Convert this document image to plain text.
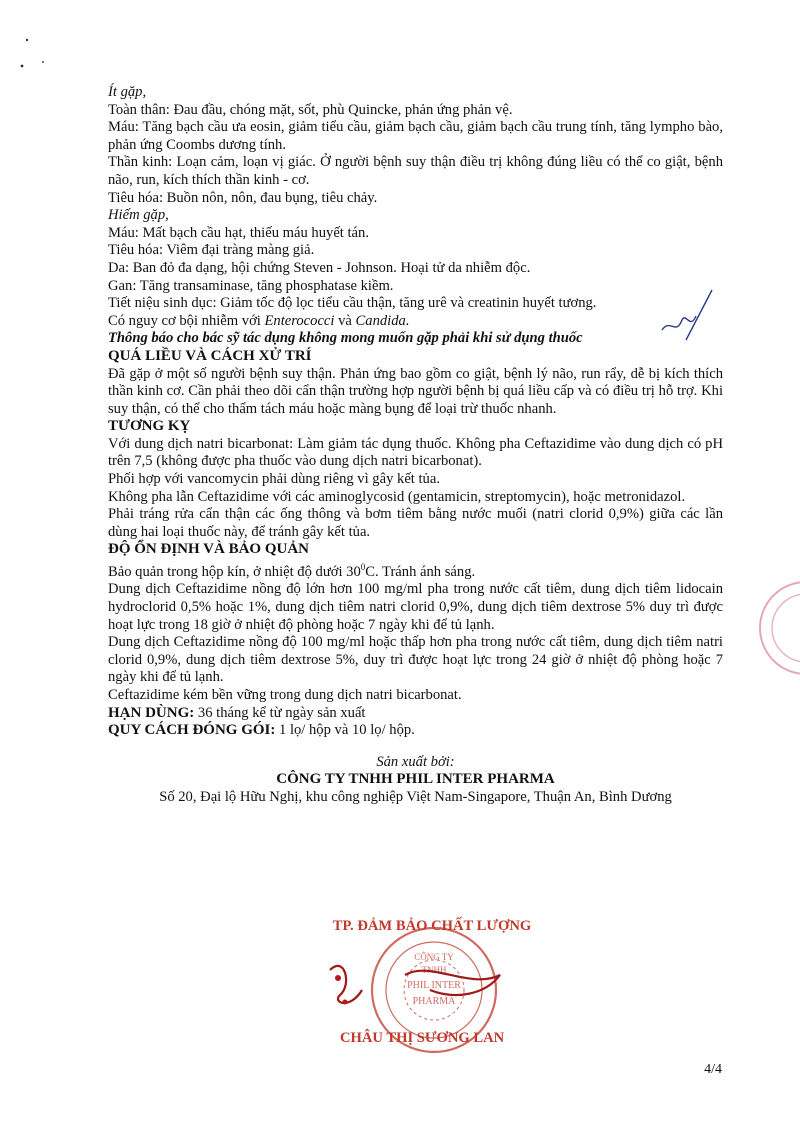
CÔNG TY
TNHH
PHIL INTER
PHARMA

Ít gặp,

Toàn thân: Đau đầu, chóng mặt, sốt, phù Quincke, phản ứng phản vệ.

Máu: Tăng bạch cầu ưa eosin, giảm tiểu cầu, giảm bạch cầu, giảm bạch cầu trung tính, tăng lympho bào, phản ứng Coombs dương tính.

Thần kinh: Loạn cảm, loạn vị giác. Ở người bệnh suy thận điều trị không đúng liều có thể co giật, bệnh não, run, kích thích thần kinh - cơ.

Tiêu hóa: Buồn nôn, nôn, đau bụng, tiêu chảy.

Hiếm gặp,

Máu: Mất bạch cầu hạt, thiếu máu huyết tán.

Tiêu hóa: Viêm đại tràng màng giả.

Da: Ban đỏ đa dạng, hội chứng Steven - Johnson. Hoại tử da nhiễm độc.

Gan: Tăng transaminase, tăng phosphatase kiềm.

Tiết niệu sinh dục: Giảm tốc độ lọc tiểu cầu thận, tăng urê và creatinin huyết tương.

Có nguy cơ bội nhiễm với Enterococci và Candida.

Thông báo cho bác sỹ tác dụng không mong muốn gặp phải khi sử dụng thuốc

QUÁ LIỀU VÀ CÁCH XỬ TRÍ

Đã gặp ở một số người bệnh suy thận. Phản ứng bao gồm co giật, bệnh lý não, run rẩy, dễ bị kích thích thần kinh cơ. Cần phải theo dõi cẩn thận trường hợp người bệnh bị quá liều cấp và có điều trị hỗ trợ. Khi suy thận, có thể cho thẩm tách máu hoặc màng bụng để loại trừ thuốc nhanh.

TƯƠNG KỴ

Với dung dịch natri bicarbonat: Làm giảm tác dụng thuốc. Không pha Ceftazidime vào dung dịch có pH trên 7,5 (không được pha thuốc vào dung dịch natri bicarbonat).

Phối hợp với vancomycin phải dùng riêng vì gây kết tủa.

Không pha lẫn Ceftazidime với các aminoglycosid (gentamicin, streptomycin), hoặc metronidazol.

Phải tráng rửa cẩn thận các ống thông và bơm tiêm bằng nước muối (natri clorid 0,9%) giữa các lần dùng hai loại thuốc này, để tránh gây kết tủa.

ĐỘ ỔN ĐỊNH VÀ BẢO QUẢN

Bảo quản trong hộp kín, ở nhiệt độ dưới $30^0C$. Tránh ánh sáng.

Dung dịch Ceftazidime nồng độ lớn hơn 100 mg/ml pha trong nước cất tiêm, dung dịch tiêm lidocain hydroclorid 0,5% hoặc 1%, dung dịch tiêm natri clorid 0,9%, dung dịch tiêm dextrose 5% duy trì được hoạt lực trong 18 giờ ở nhiệt độ phòng hoặc 7 ngày khi để tủ lạnh.

Dung dịch Ceftazidime nồng độ 100 mg/ml hoặc thấp hơn pha trong nước cất tiêm, dung dịch tiêm natri clorid 0,9%, dung dịch tiêm dextrose 5%, duy trì được hoạt lực trong 24 giờ ở nhiệt độ phòng hoặc 7 ngày khi để tủ lạnh.

Ceftazidime kém bền vững trong dung dịch natri bicarbonat.

HẠN DÙNG: 36 tháng kể từ ngày sản xuất

QUY CÁCH ĐÓNG GÓI: 1 lọ/ hộp và 10 lọ/ hộp.

Sản xuất bởi:

CÔNG TY TNHH PHIL INTER PHARMA

Số 20, Đại lộ Hữu Nghị, khu công nghiệp Việt Nam-Singapore, Thuận An, Bình Dương

TP. ĐẢM BẢO CHẤT LƯỢNG
CHÂU THỊ SƯƠNG LAN
4/4
